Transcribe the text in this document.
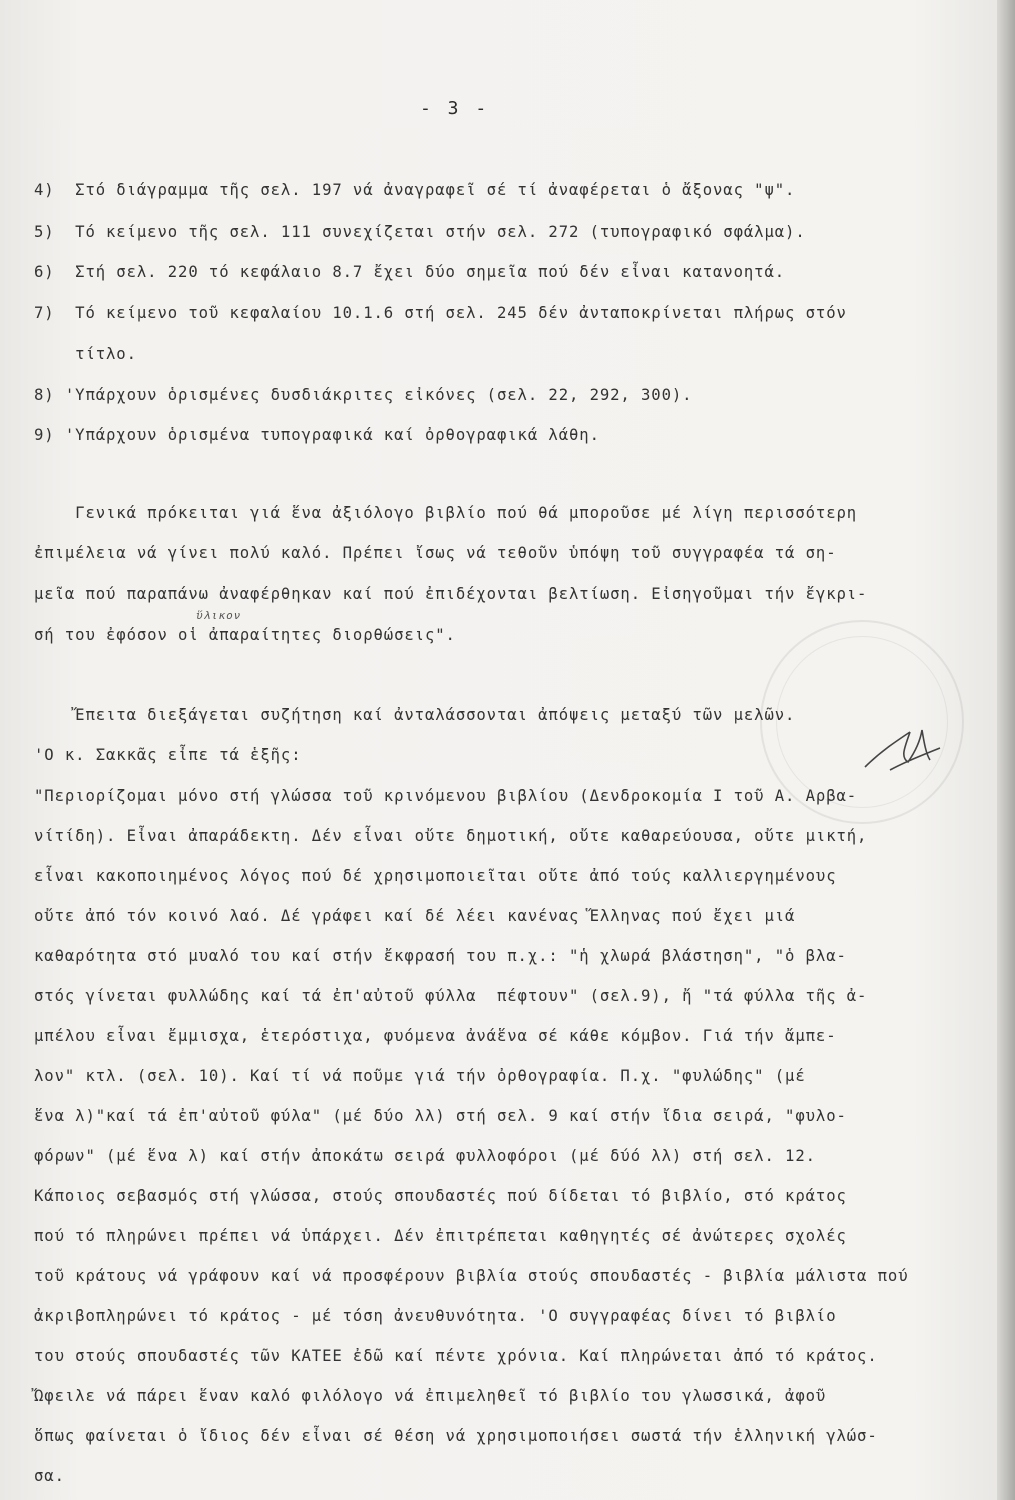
- 3 -
4)  Στό διάγραμμα τῆς σελ. 197 νά ἀναγραφεῖ σέ τί ἀναφέρεται ὁ ἄξονας "ψ".
5)  Τό κείμενο τῆς σελ. 111 συνεχίζεται στήν σελ. 272 (τυπογραφικό σφάλμα).
6)  Στή σελ. 220 τό κεφάλαιο 8.7 ἔχει δύο σημεῖα πού δέν εἶναι κατανοητά.
7)  Τό κείμενο τοῦ κεφαλαίου 10.1.6 στή σελ. 245 δέν ἀνταποκρίνεται πλήρως στόν
τίτλο.
8) 'Υπάρχουν ὁρισμένες δυσδιάκριτες εἰκόνες (σελ. 22, 292, 300).
9) 'Υπάρχουν ὁρισμένα τυπογραφικά καί ὀρθογραφικά λάθη.
Γενικά πρόκειται γιά ἕνα ἀξιόλογο βιβλίο πού θά μποροῦσε μέ λίγη περισσότερη
ἐπιμέλεια νά γίνει πολύ καλό. Πρέπει ἴσως νά τεθοῦν ὑπόψη τοῦ συγγραφέα τά ση-
μεῖα πού παραπάνω ἀναφέρθηκαν καί πού ἐπιδέχονται βελτίωση. Εἰσηγοῦμαι τήν ἔγκρι-
σή του ἐφόσον οἱ ἀπαραίτητες διορθώσεις".
Ἔπειτα διεξάγεται συζήτηση καί ἀνταλάσσονται ἀπόψεις μεταξύ τῶν μελῶν.
'Ο κ. Σακκᾶς εἶπε τά ἑξῆς:
"Περιορίζομαι μόνο στή γλώσσα τοῦ κρινόμενου βιβλίου (Δενδροκομία Ι τοῦ Α. Αρβα-
νίτίδη). Εἶναι ἀπαράδεκτη. Δέν εἶναι οὔτε δημοτική, οὔτε καθαρεύουσα, οὔτε μικτή,
εἶναι κακοποιημένος λόγος πού δέ χρησιμοποιεῖται οὔτε ἀπό τούς καλλιεργημένους
οὔτε ἀπό τόν κοινό λαό. Δέ γράφει καί δέ λέει κανένας Ἕλληνας πού ἔχει μιά
καθαρότητα στό μυαλό του καί στήν ἔκφρασή του π.χ.: "ἡ χλωρά βλάστηση", "ὁ βλα-
στός γίνεται φυλλώδης καί τά ἐπ'αὐτοῦ φύλλα  πέφτουν" (σελ.9), ἤ "τά φύλλα τῆς ἀ-
μπέλου εἶναι ἔμμισχα, ἑτερόστιχα, φυόμενα ἀνάἕνα σέ κάθε κόμβον. Γιά τήν ἄμπε-
λον" κτλ. (σελ. 10). Καί τί νά ποῦμε γιά τήν ὀρθογραφία. Π.χ. "φυλώδης" (μέ
ἕνα λ)"καί τά ἐπ'αὐτοῦ φύλα" (μέ δύο λλ) στή σελ. 9 καί στήν ἴδια σειρά, "φυλο-
φόρων" (μέ ἕνα λ) καί στήν ἀποκάτω σειρά φυλλοφόροι (μέ δύό λλ) στή σελ. 12.
Κάποιος σεβασμός στή γλώσσα, στούς σπουδαστές πού δίδεται τό βιβλίο, στό κράτος
πού τό πληρώνει πρέπει νά ὑπάρχει. Δέν ἐπιτρέπεται καθηγητές σέ ἀνώτερες σχολές
τοῦ κράτους νά γράφουν καί νά προσφέρουν βιβλία στούς σπουδαστές - βιβλία μάλιστα πού
ἀκριβοπληρώνει τό κράτος - μέ τόση ἀνευθυνότητα. 'Ο συγγραφέας δίνει τό βιβλίο
του στούς σπουδαστές τῶν ΚΑΤΕΕ ἐδῶ καί πέντε χρόνια. Καί πληρώνεται ἀπό τό κράτος.
Ὤφειλε νά πάρει ἕναν καλό φιλόλογο νά ἐπιμεληθεῖ τό βιβλίο του γλωσσικά, ἀφοῦ
ὅπως φαίνεται ὁ ἴδιος δέν εἶναι σέ θέση νά χρησιμοποιήσει σωστά τήν ἑλληνική γλώσ-
σα.
ὕλικον
